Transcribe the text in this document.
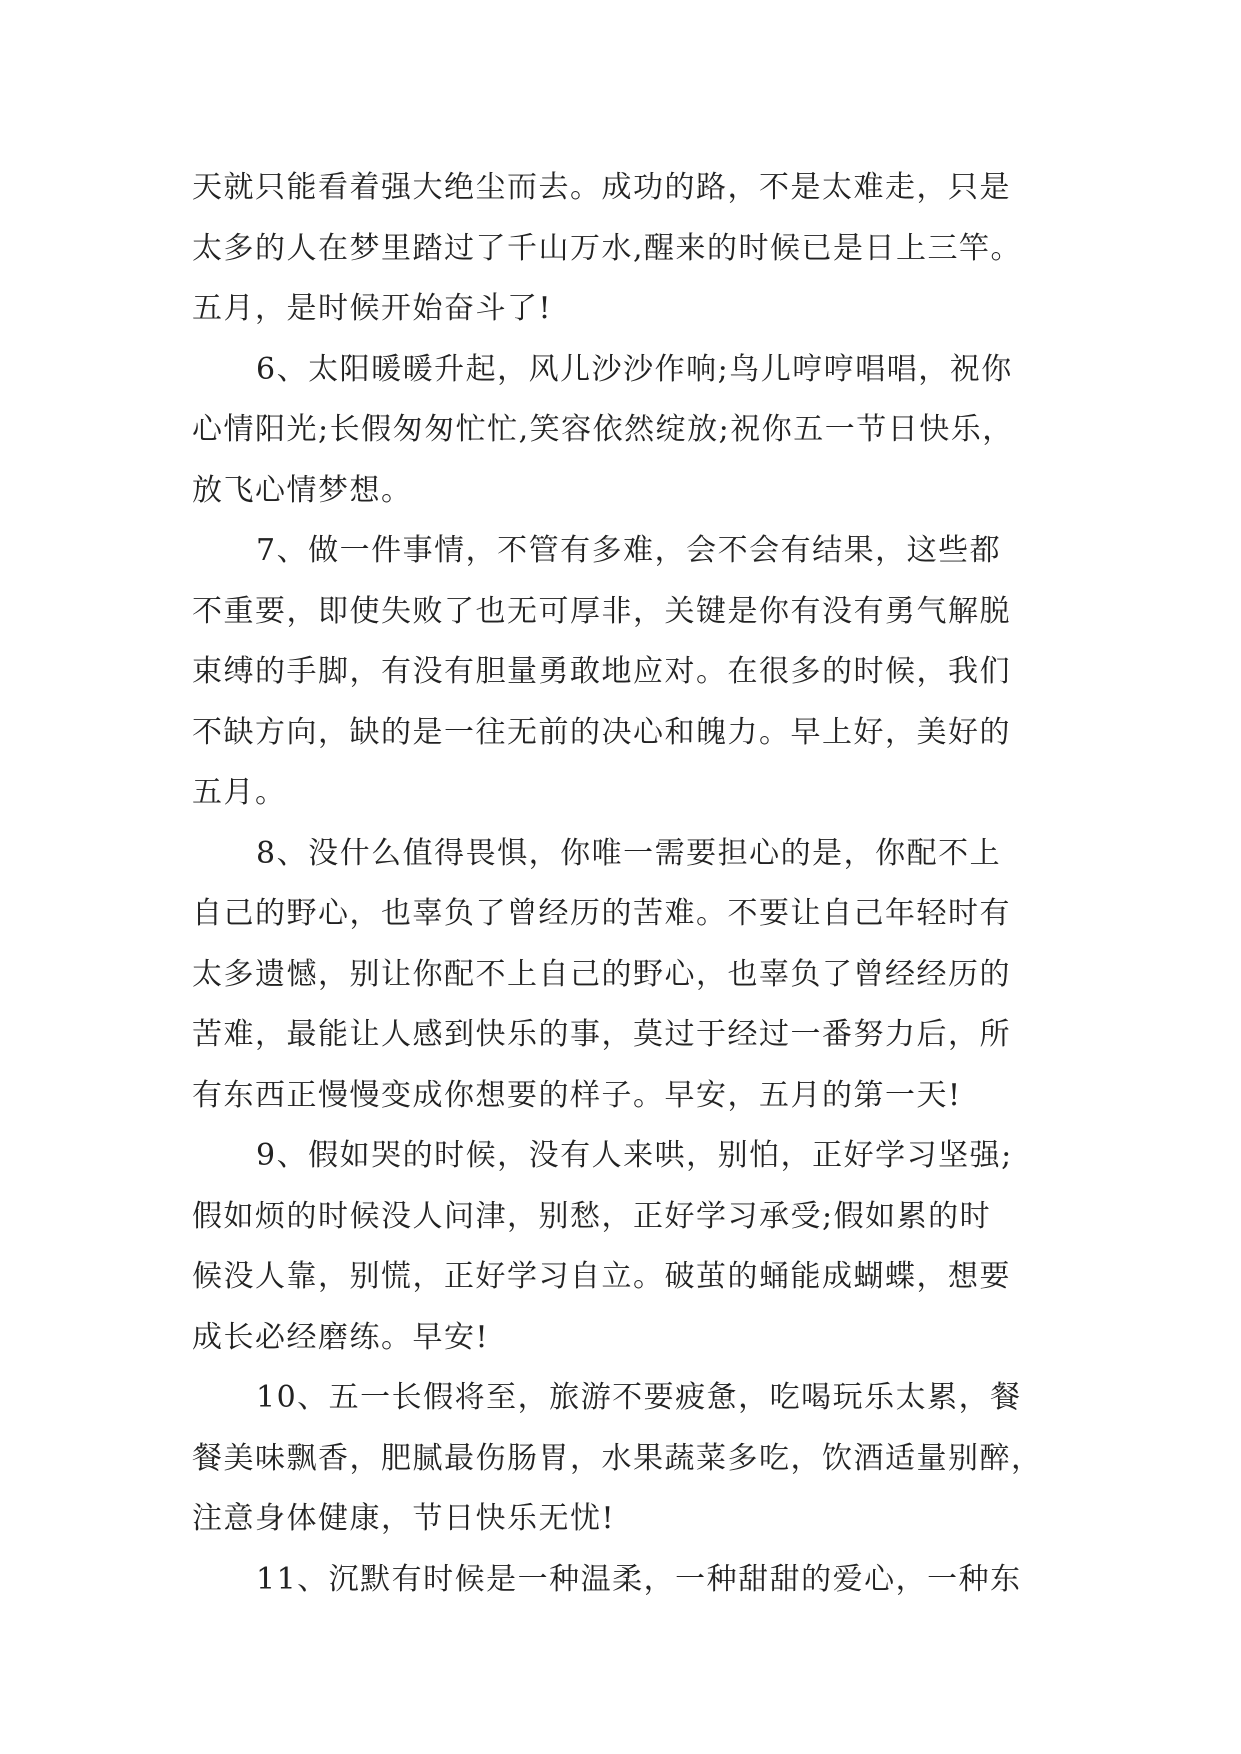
天就只能看着强大绝尘而去。成功的路，不是太难走，只是
太多的人在梦里踏过了千山万水,醒来的时候已是日上三竿。
五月，是时候开始奋斗了!
6、太阳暖暖升起，风儿沙沙作响;鸟儿哼哼唱唱，祝你
心情阳光;长假匆匆忙忙,笑容依然绽放;祝你五一节日快乐，
放飞心情梦想。
7、做一件事情，不管有多难，会不会有结果，这些都
不重要，即使失败了也无可厚非，关键是你有没有勇气解脱
束缚的手脚，有没有胆量勇敢地应对。在很多的时候，我们
不缺方向，缺的是一往无前的决心和魄力。早上好，美好的
五月。
8、没什么值得畏惧，你唯一需要担心的是，你配不上
自己的野心，也辜负了曾经历的苦难。不要让自己年轻时有
太多遗憾，别让你配不上自己的野心，也辜负了曾经经历的
苦难，最能让人感到快乐的事，莫过于经过一番努力后，所
有东西正慢慢变成你想要的样子。早安，五月的第一天!
9、假如哭的时候，没有人来哄，别怕，正好学习坚强;
假如烦的时候没人问津，别愁，正好学习承受;假如累的时
候没人靠，别慌，正好学习自立。破茧的蛹能成蝴蝶，想要
成长必经磨练。早安!
10、五一长假将至，旅游不要疲惫，吃喝玩乐太累，餐
餐美味飘香，肥腻最伤肠胃，水果蔬菜多吃，饮酒适量别醉，
注意身体健康，节日快乐无忧!
11、沉默有时候是一种温柔，一种甜甜的爱心，一种东
